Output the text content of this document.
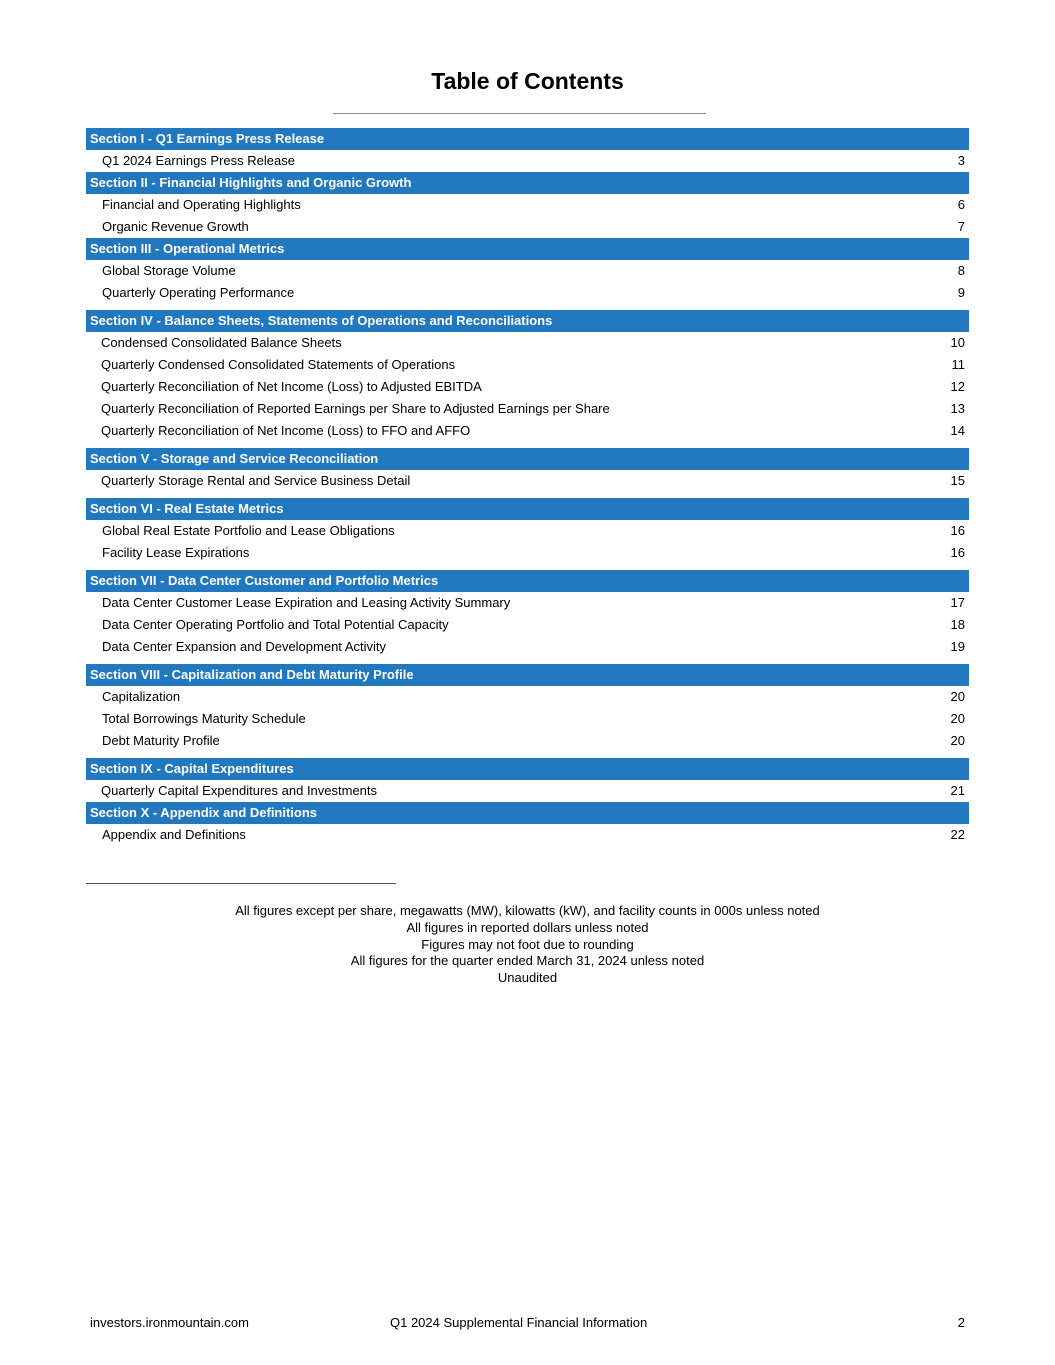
Table of Contents
Section I - Q1 Earnings Press Release
Q1 2024 Earnings Press Release	3
Section II - Financial Highlights and Organic Growth
Financial and Operating Highlights	6
Organic Revenue Growth	7
Section III - Operational Metrics
Global Storage Volume	8
Quarterly Operating Performance	9
Section IV - Balance Sheets, Statements of Operations and Reconciliations
Condensed Consolidated Balance Sheets	10
Quarterly Condensed Consolidated Statements of Operations	11
Quarterly Reconciliation of Net Income (Loss) to Adjusted EBITDA	12
Quarterly Reconciliation of Reported Earnings per Share to Adjusted Earnings per Share	13
Quarterly Reconciliation of Net Income (Loss) to FFO and AFFO	14
Section V - Storage and Service Reconciliation
Quarterly Storage Rental and Service Business Detail	15
Section VI - Real Estate Metrics
Global Real Estate Portfolio and Lease Obligations	16
Facility Lease Expirations	16
Section VII - Data Center Customer and Portfolio Metrics
Data Center Customer Lease Expiration and Leasing Activity Summary	17
Data Center Operating Portfolio and Total Potential Capacity	18
Data Center Expansion and Development Activity	19
Section VIII - Capitalization and Debt Maturity Profile
Capitalization	20
Total Borrowings Maturity Schedule	20
Debt Maturity Profile	20
Section IX - Capital Expenditures
Quarterly Capital Expenditures and Investments	21
Section X - Appendix and Definitions
Appendix and Definitions	22
All figures except per share, megawatts (MW), kilowatts (kW), and facility counts in 000s unless noted
All figures in reported dollars unless noted
Figures may not foot due to rounding
All figures for the quarter ended March 31, 2024 unless noted
Unaudited
investors.ironmountain.com	Q1 2024 Supplemental Financial Information	2
